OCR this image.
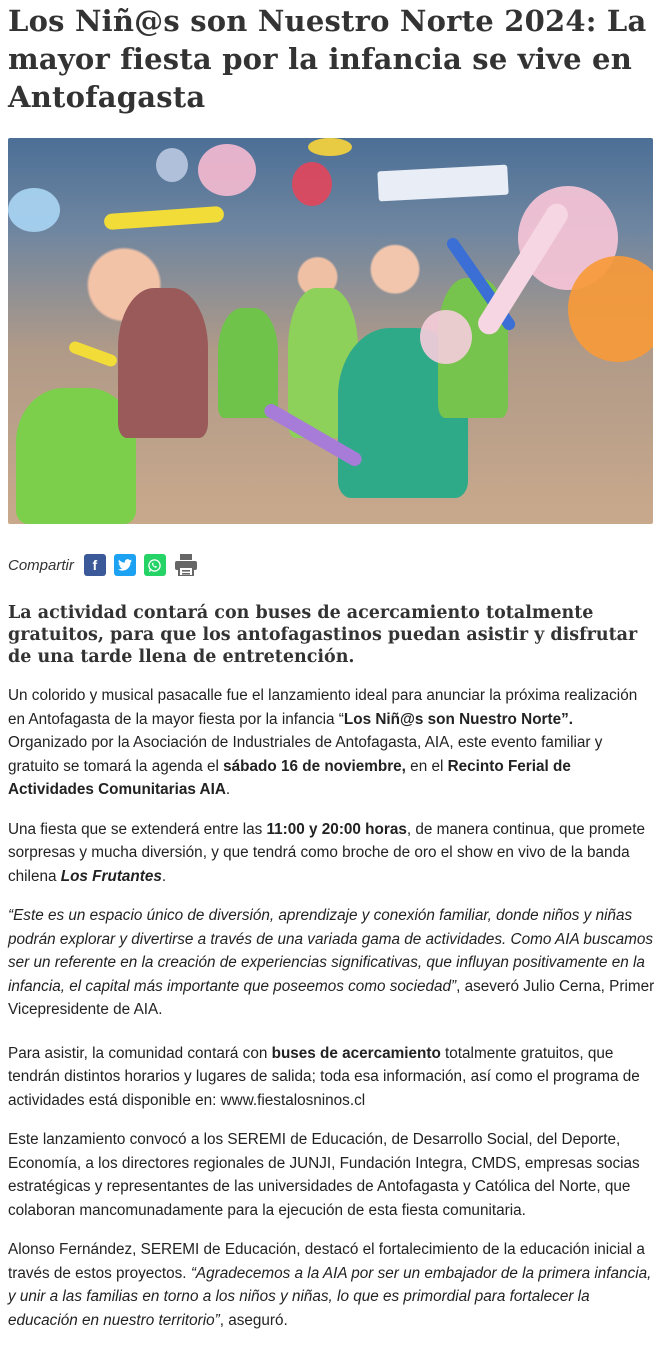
Los Niñ@s son Nuestro Norte 2024: La mayor fiesta por la infancia se vive en Antofagasta
Compartir	f
La actividad contará con buses de acercamiento totalmente gratuitos, para que los antofagastinos puedan asistir y disfrutar de una tarde llena de entretención.

Un colorido y musical pasacalle fue el lanzamiento ideal para anunciar la próxima realización en Antofagasta de la mayor fiesta por la infancia “Los Niñ@s son Nuestro Norte”. Organizado por la Asociación de Industriales de Antofagasta, AIA, este evento familiar y gratuito se tomará la agenda el sábado 16 de noviembre, en el Recinto Ferial de Actividades Comunitarias AIA.

Una fiesta que se extenderá entre las 11:00 y 20:00 horas, de manera continua, que promete sorpresas y mucha diversión, y que tendrá como broche de oro el show en vivo de la banda chilena Los Frutantes.

“Este es un espacio único de diversión, aprendizaje y conexión familiar, donde niños y niñas podrán explorar y divertirse a través de una variada gama de actividades. Como AIA buscamos ser un referente en la creación de experiencias significativas, que influyan positivamente en la infancia, el capital más importante que poseemos como sociedad”, aseveró Julio Cerna, Primer Vicepresidente de AIA.

Para asistir, la comunidad contará con buses de acercamiento totalmente gratuitos, que tendrán distintos horarios y lugares de salida; toda esa información, así como el programa de actividades está disponible en: www.fiestalosninos.cl

Este lanzamiento convocó a los SEREMI de Educación, de Desarrollo Social, del Deporte, Economía, a los directores regionales de JUNJI, Fundación Integra, CMDS, empresas socias estratégicas y representantes de las universidades de Antofagasta y Católica del Norte, que colaboran mancomunadamente para la ejecución de esta fiesta comunitaria.

Alonso Fernández, SEREMI de Educación, destacó el fortalecimiento de la educación inicial a través de estos proyectos. “Agradecemos a la AIA por ser un embajador de la primera infancia, y unir a las familias en torno a los niños y niñas, lo que es primordial para fortalecer la educación en nuestro territorio”, aseguró.
